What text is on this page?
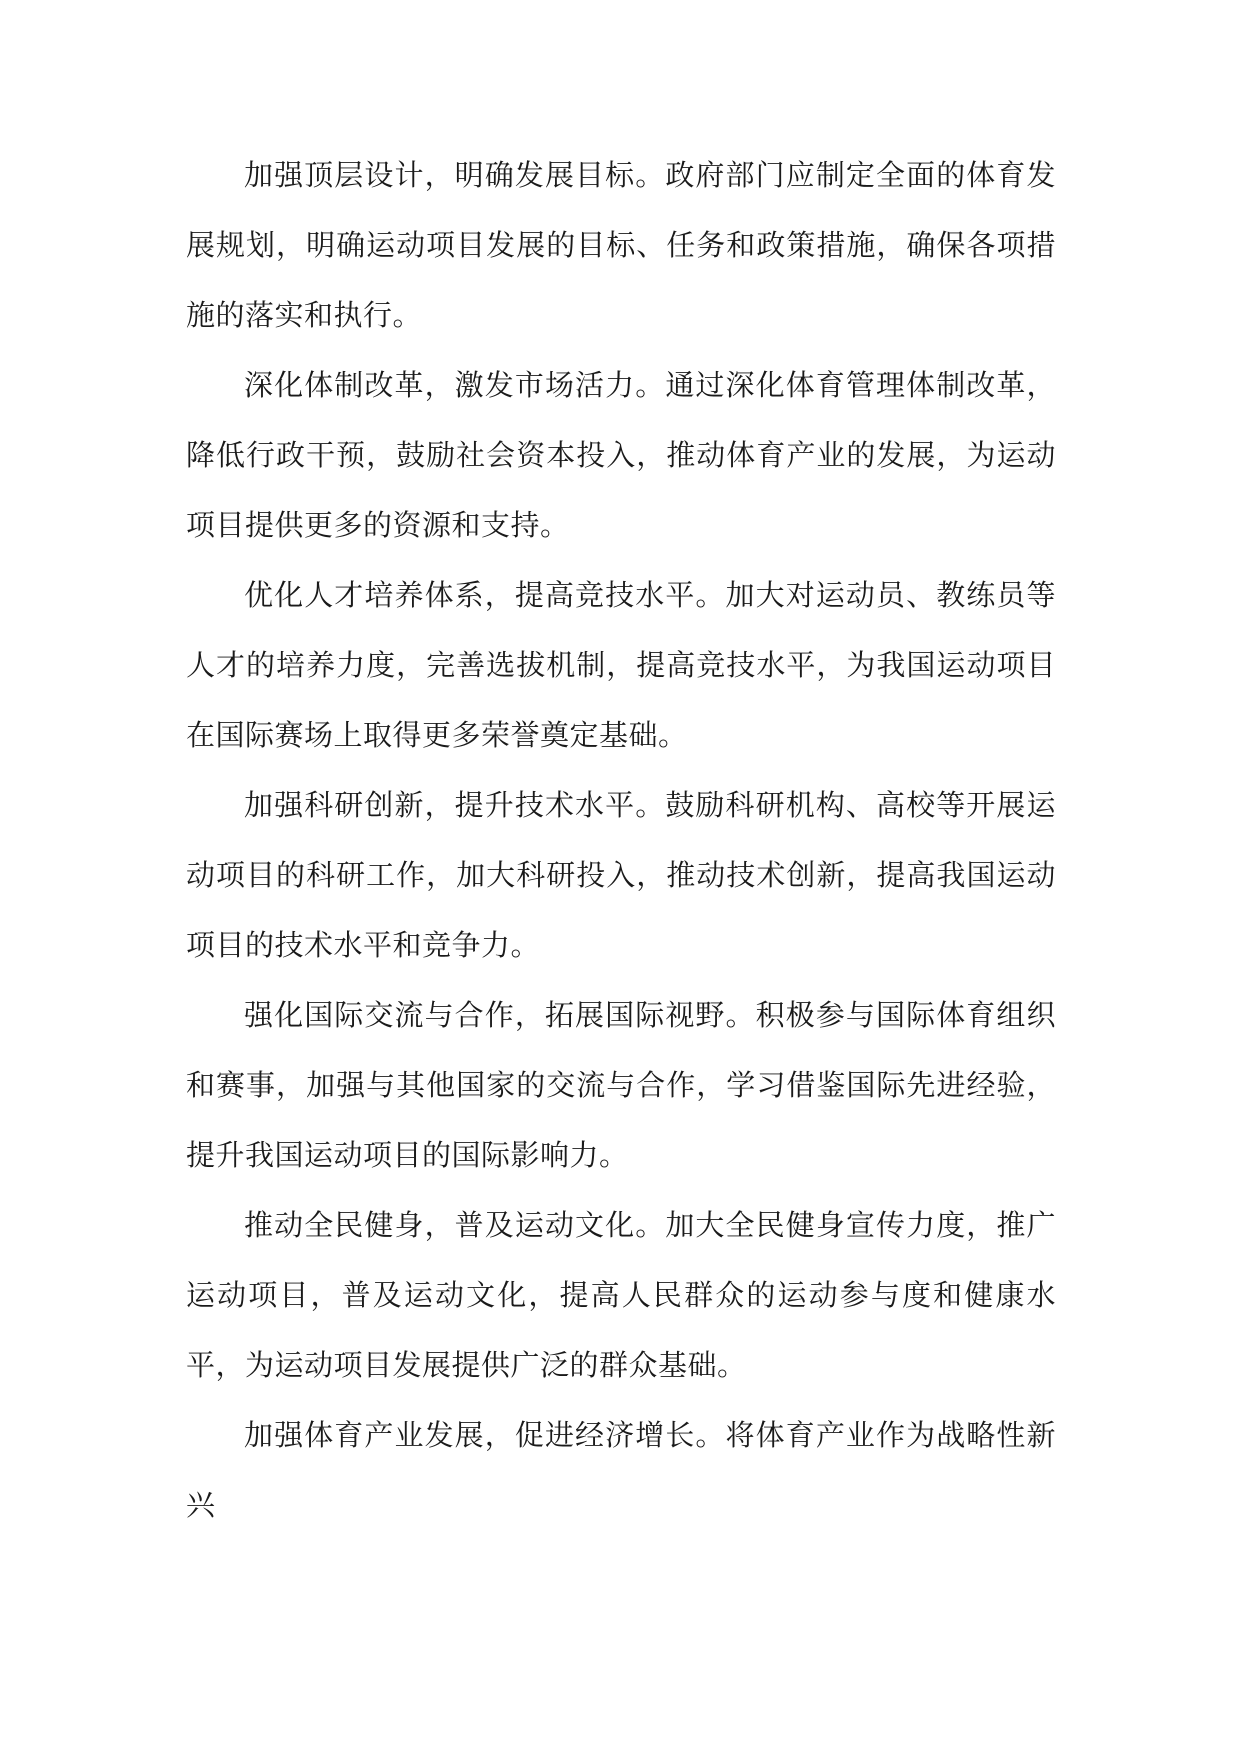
加强顶层设计，明确发展目标。政府部门应制定全面的体育发展规划，明确运动项目发展的目标、任务和政策措施，确保各项措施的落实和执行。

深化体制改革，激发市场活力。通过深化体育管理体制改革，降低行政干预，鼓励社会资本投入，推动体育产业的发展，为运动项目提供更多的资源和支持。

优化人才培养体系，提高竞技水平。加大对运动员、教练员等人才的培养力度，完善选拔机制，提高竞技水平，为我国运动项目在国际赛场上取得更多荣誉奠定基础。

加强科研创新，提升技术水平。鼓励科研机构、高校等开展运动项目的科研工作，加大科研投入，推动技术创新，提高我国运动项目的技术水平和竞争力。

强化国际交流与合作，拓展国际视野。积极参与国际体育组织和赛事，加强与其他国家的交流与合作，学习借鉴国际先进经验，提升我国运动项目的国际影响力。

推动全民健身，普及运动文化。加大全民健身宣传力度，推广运动项目，普及运动文化，提高人民群众的运动参与度和健康水平，为运动项目发展提供广泛的群众基础。

加强体育产业发展，促进经济增长。将体育产业作为战略性新兴
